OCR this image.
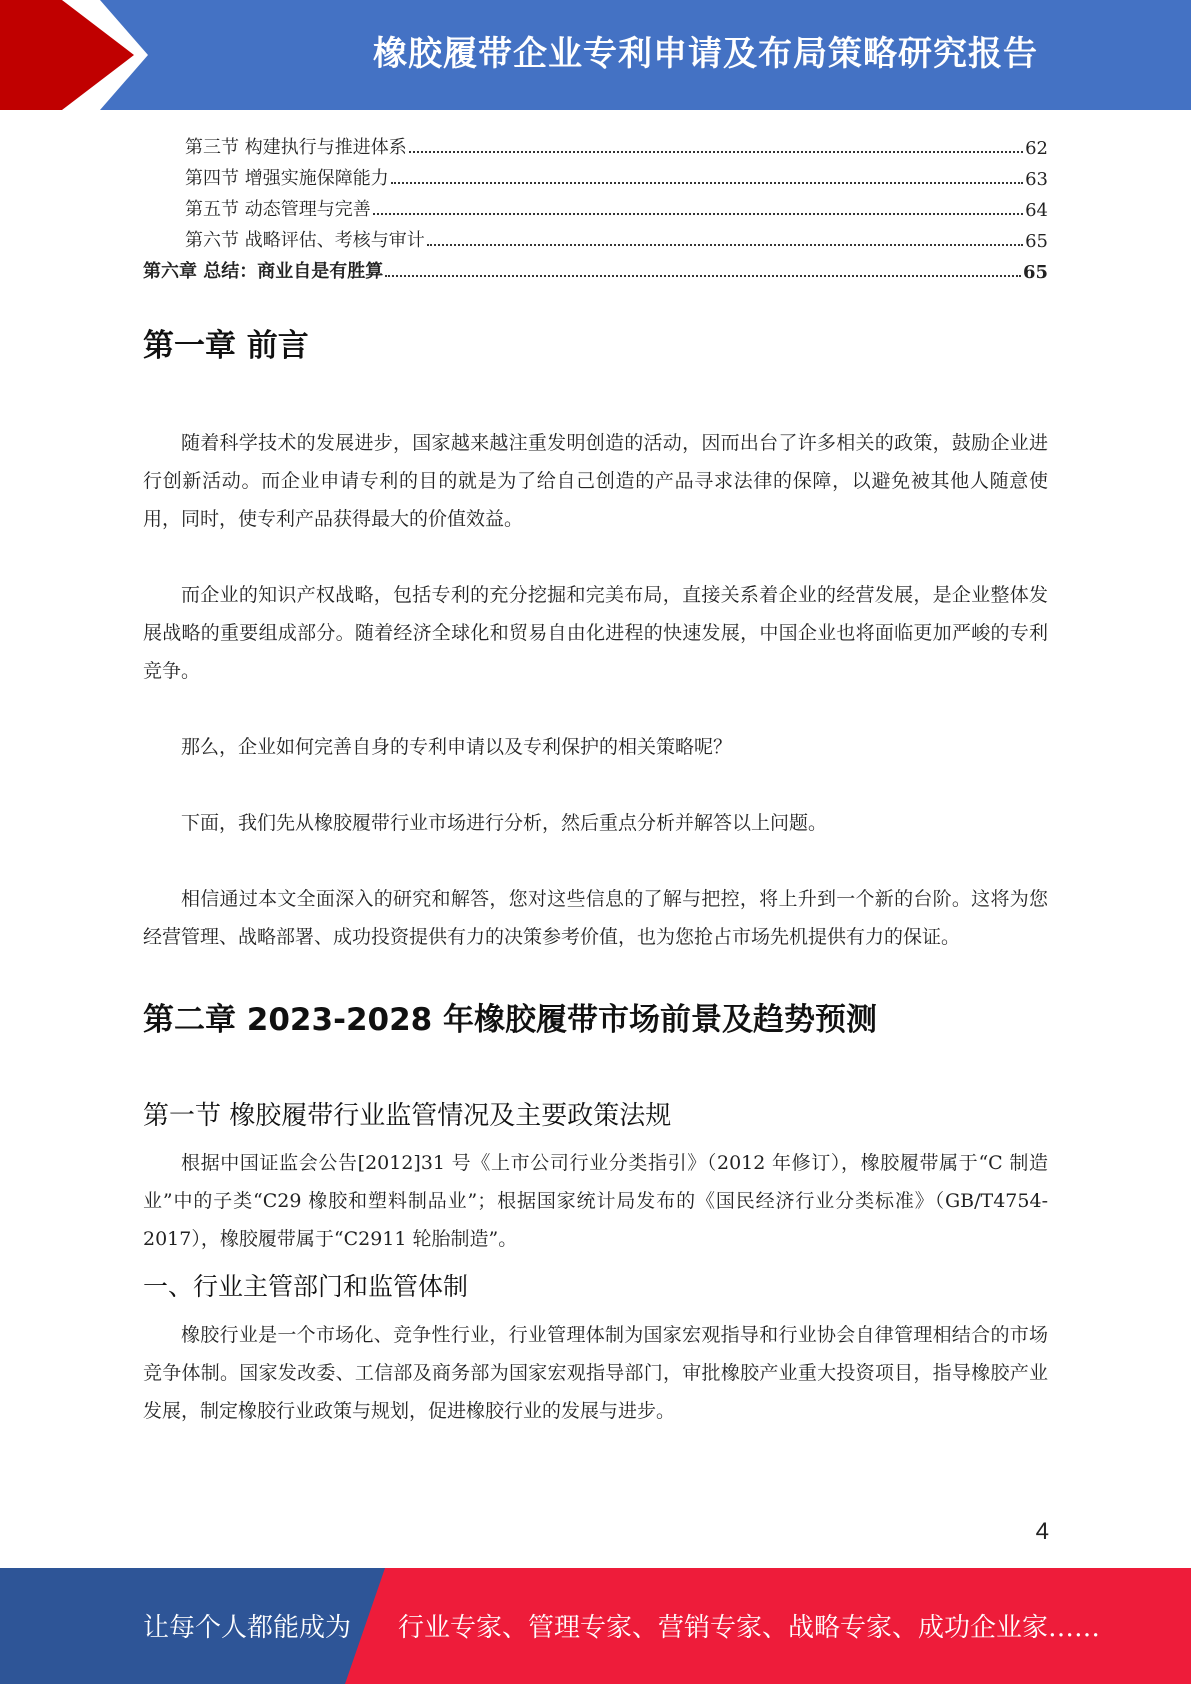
橡胶履带企业专利申请及布局策略研究报告
第三节 构建执行与推进体系	62
第四节 增强实施保障能力	63
第五节 动态管理与完善	64
第六节 战略评估、考核与审计	65
第六章 总结：商业自是有胜算	65
第一章 前言

随着科学技术的发展进步，国家越来越注重发明创造的活动，因而出台了许多相关的政策，鼓励企业进行创新活动。而企业申请专利的目的就是为了给自己创造的产品寻求法律的保障，以避免被其他人随意使用，同时，使专利产品获得最大的价值效益。

而企业的知识产权战略，包括专利的充分挖掘和完美布局，直接关系着企业的经营发展，是企业整体发展战略的重要组成部分。随着经济全球化和贸易自由化进程的快速发展，中国企业也将面临更加严峻的专利竞争。

那么，企业如何完善自身的专利申请以及专利保护的相关策略呢？

下面，我们先从橡胶履带行业市场进行分析，然后重点分析并解答以上问题。

相信通过本文全面深入的研究和解答，您对这些信息的了解与把控，将上升到一个新的台阶。这将为您经营管理、战略部署、成功投资提供有力的决策参考价值，也为您抢占市场先机提供有力的保证。

第二章 2023-2028 年橡胶履带市场前景及趋势预测
第一节 橡胶履带行业监管情况及主要政策法规

根据中国证监会公告[2012]31 号《上市公司行业分类指引》（2012 年修订），橡胶履带属于“C 制造业”中的子类“C29 橡胶和塑料制品业”；根据国家统计局发布的《国民经济行业分类标准》（GB/T4754-2017），橡胶履带属于“C2911 轮胎制造”。

一、行业主管部门和监管体制

橡胶行业是一个市场化、竞争性行业，行业管理体制为国家宏观指导和行业协会自律管理相结合的市场竞争体制。国家发改委、工信部及商务部为国家宏观指导部门，审批橡胶产业重大投资项目，指导橡胶产业发展，制定橡胶行业政策与规划，促进橡胶行业的发展与进步。

4
让每个人都能成为 行业专家、管理专家、营销专家、战略专家、成功企业家……
